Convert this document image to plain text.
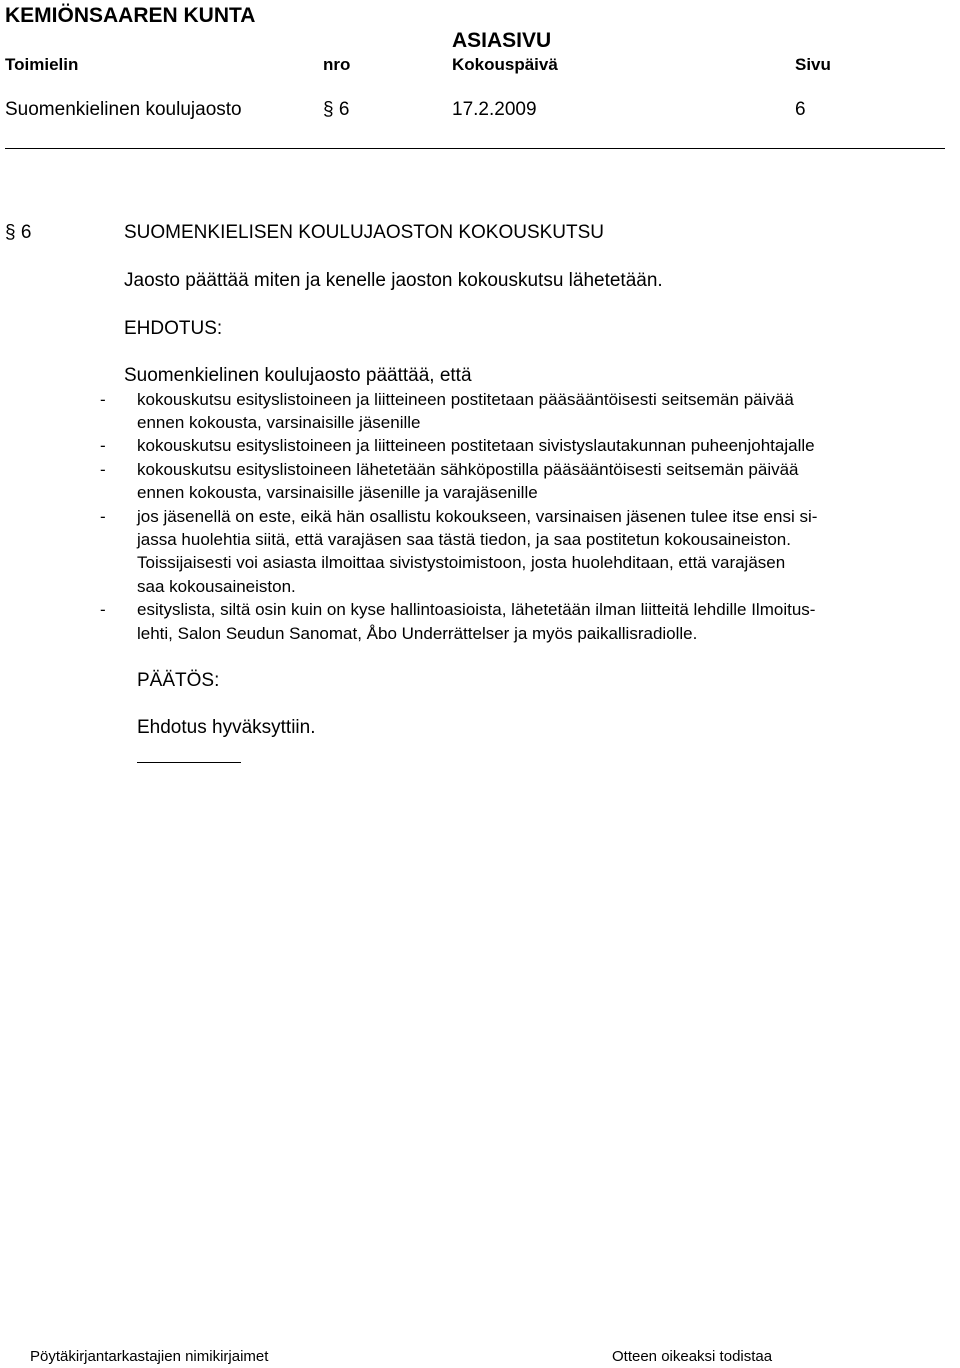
KEMIÖNSAAREN KUNTA
ASIASIVU
Toimielin	nro	Kokouspäivä	Sivu
Suomenkielinen koulujaosto	§ 6	17.2.2009	6
§ 6	SUOMENKIELISEN KOULUJAOSTON KOKOUSKUTSU
Jaosto päättää miten ja kenelle jaoston kokouskutsu lähetetään.
EHDOTUS:
Suomenkielinen koulujaosto päättää, että
- kokouskutsu esityslistoineen ja liitteineen postitetaan pääsääntöisesti seitsemän päivää
ennen kokousta, varsinaisille jäsenille
- kokouskutsu esityslistoineen ja liitteineen postitetaan sivistyslautakunnan puheenjohtajalle
- kokouskutsu esityslistoineen lähetetään sähköpostilla pääsääntöisesti seitsemän päivää
ennen kokousta, varsinaisille jäsenille ja varajäsenille
- jos jäsenellä on este, eikä hän osallistu kokoukseen, varsinaisen jäsenen tulee itse ensi si-
jassa huolehtia siitä, että varajäsen saa tästä tiedon, ja saa postitetun kokousaineiston.
Toissijaisesti voi asiasta ilmoittaa sivistystoimistoon, josta huolehditaan, että varajäsen
saa kokousaineiston.
- esityslista, siltä osin kuin on kyse hallintoasioista, lähetetään ilman liitteitä lehdille Ilmoitus-
lehti, Salon Seudun Sanomat, Åbo Underrättelser ja myös paikallisradiolle.
PÄÄTÖS:
Ehdotus hyväksyttiin.
Pöytäkirjantarkastajien nimikirjaimet	Otteen oikeaksi todistaa
